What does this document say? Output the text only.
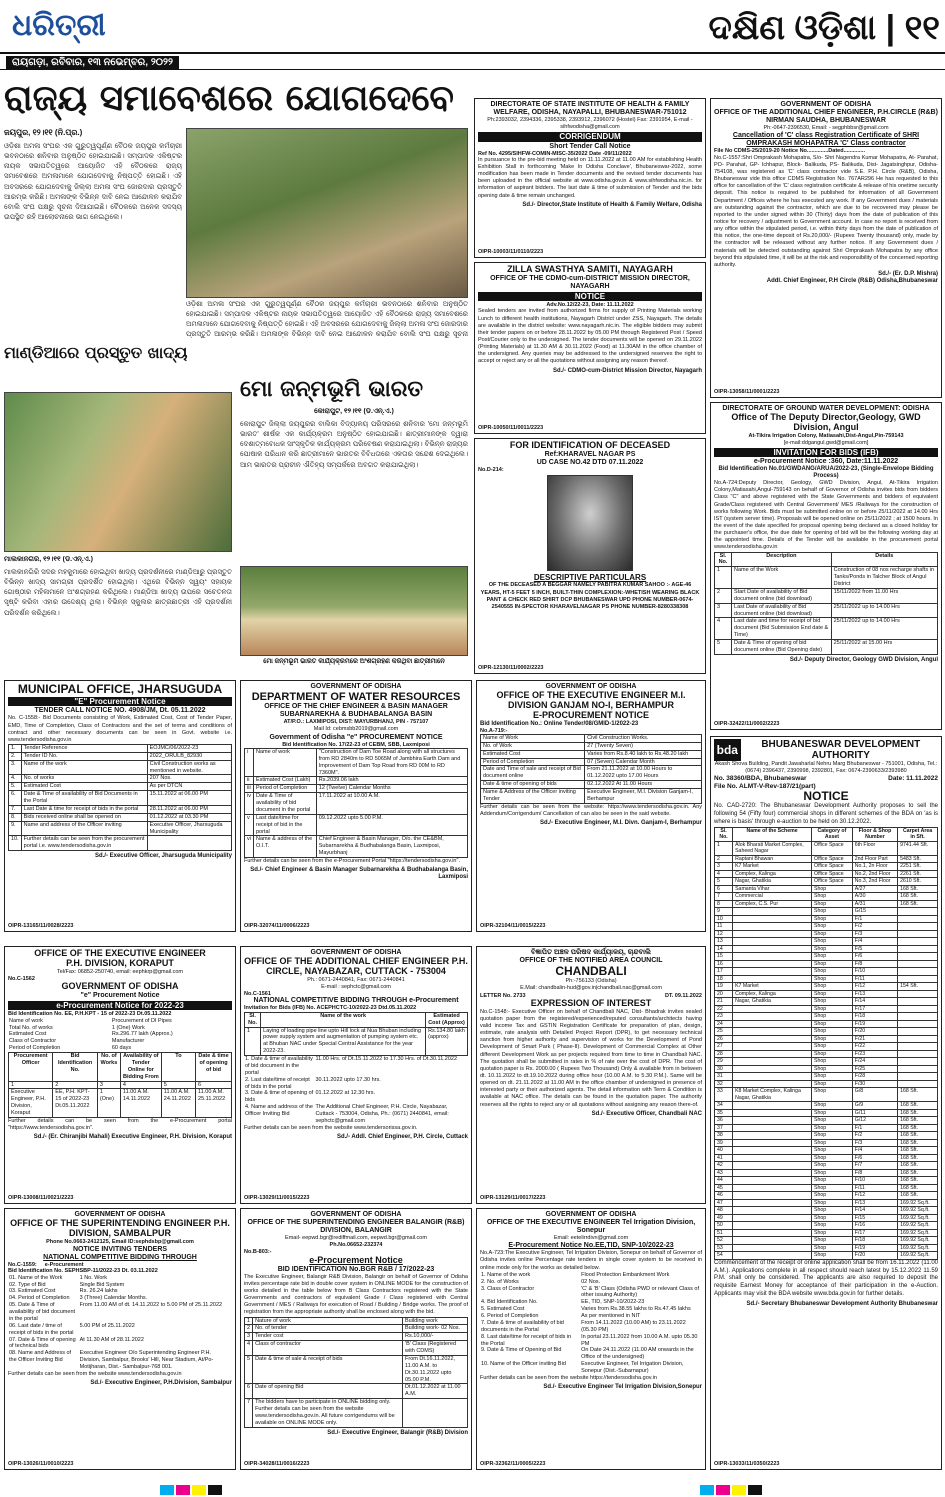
ଧରିତ୍ରୀ	ଦକ୍ଷିଣ ଓଡ଼ିଶା | ୧୧
ରାୟଗଡ଼ା, ରବିବାର, ୧୩ ନଭେମ୍ବର, ୨୦୨୨
ରାଜ୍ୟ ସମାବେଶରେ ଯୋଗଦେବେ
ଜୟପୁର, ୧୨।୧୧ (ନି.ପ୍ର.)
ଓଡ଼ିଶା ଅମଳା ସଂଘର ଏକ ଗୁରୁତ୍ୱପୂର୍ଣ୍ଣ ବୈଠକ ଜୟପୁର କର୍ମଚାରୀ ଭବନଠାରେ ଶନିବାର ଅନୁଷ୍ଠିତ ହୋଇଯାଇଛି। ସମ୍ପାଦକ ଏକିଷ୍ଟର ନାୟକ ସଭାପତିତ୍ୱରେ ଆୟୋଜିତ ଏହି ବୈଠକରେ ରାଜ୍ୟ ସମାବେଶରେ ଅମଳାମାନେ ଯୋଗଦେବାକୁ ନିଷ୍ପତ୍ତି ହୋଇଛି। ଏହି ଅବସରରେ ଯୋଗଦେବାକୁ ଜିଲ୍ଲା ଅମଳା ସଂଘ ଜୋରଦାର ପ୍ରସ୍ତୁତି ଆରମ୍ଭ କରିଛି। ଅମଳାଙ୍କ ବିଭିନ୍ନ ଦାବି ନେଇ ଆନ୍ଦୋଳନ କରାଯିବ ବୋଲି ସଂଘ ପକ୍ଷରୁ ସୂଚନା ଦିଆଯାଇଛି। ବୈଠକରେ ଅନେକ ସଦସ୍ୟ ଉପସ୍ଥିତ ରହି ଆଲୋଚନାରେ ଭାଗ ନେଇଥିଲେ।
ଓଡ଼ିଶା ଅମଳା ସଂଘର ଏକ ଗୁରୁତ୍ୱପୂର୍ଣ୍ଣ ବୈଠକ ଜୟପୁର କର୍ମଚାରୀ ଭବନଠାରେ ଶନିବାର ଅନୁଷ୍ଠିତ ହୋଇଯାଇଛି। ସମ୍ପାଦକ ଏକିଷ୍ଟର ନାୟକ ସଭାପତିତ୍ୱରେ ଆୟୋଜିତ ଏହି ବୈଠକରେ ରାଜ୍ୟ ସମାବେଶରେ ଅମଳାମାନେ ଯୋଗଦେବାକୁ ନିଷ୍ପତ୍ତି ହୋଇଛି। ଏହି ଅବସରରେ ଯୋଗଦେବାକୁ ଜିଲ୍ଲା ଅମଳା ସଂଘ ଜୋରଦାର ପ୍ରସ୍ତୁତି ଆରମ୍ଭ କରିଛି। ଅମଳାଙ୍କ ବିଭିନ୍ନ ଦାବି ନେଇ ଆନ୍ଦୋଳନ କରାଯିବ ବୋଲି ସଂଘ ପକ୍ଷରୁ ସୂଚନା
ମାଣ୍ଡିଆରେ ପ୍ରସ୍ତୁତ ଖାଦ୍ୟ
ମାଲକାନଗିରି, ୧୨।୧୧ (ଡି.ଏନ୍.ଏ.)
ମାଲକାନଗିରି ସଦର ମହକୁମାରେ ହୋଇଥିବା ଖାଦ୍ୟ ପ୍ରଦର୍ଶନୀରେ ମାଣ୍ଡିଆରୁ ପ୍ରସ୍ତୁତ ବିଭିନ୍ନ ଖାଦ୍ୟ ସାମଗ୍ରୀ ପ୍ରଦର୍ଶିତ ହୋଇଥିଲା। ଏଥିରେ ବିଭିନ୍ନ ସ୍ୱୟଂ ସହାୟକ ଗୋଷ୍ଠୀର ମହିଳାମାନେ ଅଂଶଗ୍ରହଣ କରିଥିଲେ। ମାଣ୍ଡିଆ ଖାଦ୍ୟ ଉପରେ ସଚେତନତା ସୃଷ୍ଟି କରିବା ଏହାର ଉଦ୍ଦେଶ୍ୟ ଥିଲା। ବିଭିନ୍ନ ସ୍କୁଲର ଛାତ୍ରଛାତ୍ରୀ ଏହି ପ୍ରଦର୍ଶନୀ ପରିଦର୍ଶନ କରିଥିଲେ।
ମୋ ଜନ୍ମଭୂମି ଭାରତ
କୋରାପୁଟ, ୧୨।୧୧ (ଡି.ଏନ୍.ଏ.)
କୋରାପୁଟ ଜିଲ୍ଲା ଜୟପୁରର ବାଲିକା ବିଦ୍ୟାଳୟ ପରିସରରେ ଶନିବାର 'ମୋ ଜନ୍ମଭୂମି ଭାରତ' ଶୀର୍ଷକ ଏକ କାର୍ଯ୍ୟକ୍ରମ ଅନୁଷ୍ଠିତ ହୋଇଯାଇଛି। ଛାତ୍ରୀମାନଙ୍କ ଦ୍ୱାରା ଦେଶାତ୍ମବୋଧକ ସାଂସ୍କୃତିକ କାର୍ଯ୍ୟକ୍ରମ ପରିବେଷଣ କରାଯାଇଥିଲା। ବିଭିନ୍ନ ରାଜ୍ୟର ପୋଷାକ ପରିଧାନ କରି ଛାତ୍ରୀମାନେ ଭାରତର ବିବିଧତାରେ ଏକତାର ସନ୍ଦେଶ ଦେଇଥିଲେ। ଆମ ଭାରତର ପ୍ରାଚୀନ ଐତିହ୍ୟ ସମ୍ପର୍କରେ ଅବଗତ କରାଯାଇଥିଲା।
ମୋ ଜନ୍ମଭୂମି ଭାରତ କାର୍ଯ୍ୟକ୍ରମରେ ଅଂଶଗ୍ରହଣ କରିଥିବା ଛାତ୍ରୀମାନେ
DIRECTORATE OF STATE INSTITUTE OF HEALTH & FAMILY WELFARE, ODISHA, NAYAPALLI, BHUBANESWAR-751012

Ph:2393032, 2394336, 2395338, 2393912, 2396072 (Hostel) Fax: 2391954, E-mail -sihfwodisha@gmail.com

CORRIGENDUM
Short Tender Call Notice
Ref No. 4295/SIHFW-COMIN-MISC-35/2022 Date -09/11/2022

In pursuance to the pre-bid meeting held on 11.11.2022 at 11.00 AM for establishing Health Exhibition Stall in forthcoming 'Make In Odisha Conclave', Bhubaneswar-2022, some modification has been made in Tender documents and the revised tender documents has been uploaded in the official website at www.odisha.gov.in & www.sihfwodisha.nic.in. for information of aspirant bidders. The last date & time of submission of Tender and the bids opening date & time remain unchanged.

Sd./- Director,State Institute of Health & Family Welfare, Odisha
OIPR-10003/11/0110/2223
ZILLA SWASTHYA SAMITI, NAYAGARH
OFFICE OF THE CDMO-cum-DISTRICT MISSION DIRECTOR, NAYAGARH
NOTICE
Adv.No.12/22-23, Date: 11.11.2022

Sealed tenders are invited from authorized firms for supply of Printing Materials working Lunch to different health institutions, Nayagarh District under ZSS, Nayagarh. The details are available in the district website: www.nayagarh.nic.in. The eligible bidders may submit their tender papers on or before 28.11.2022 by 05.00 PM through Registered Post / Speed Post/Courier only to the undersigned. The tender documents will be opened on 29.11.2022 (Printing Materials) at 11.30 AM & 30.11.2022 (Food) at 11.30AM in the office chamber of the undersigned. Any queries may be addressed to the undersigned reserves the right to accept or reject any or all the quotations without assigning any reason thereof.

Sd./- CDMO-cum-District Mission Director, Nayagarh
OIPR-10050/11/0011/2223
FOR IDENTIFICATION OF DECEASED
Ref:KHARAVEL NAGAR PS
UD CASE NO.42 DTD 07.11.2022
No.D-214:
DESCRIPTIVE PARTICULARS

OF THE DECEASED A BEGGAR NAMELY PABITRA KUMAR SAHOO :- AGE-46 YEARS, HT-5 FEET 5 INCH, BUILT-THIN COMPLEXION:-WHETISH WEARING BLACK PANT & CHECK RED SHIRT DCP BHUBANESWAR UPD PHONE NUMBER-0674-2540555 IN-SPECTOR KHARAVELNAGAR PS PHONE NUMBER-8280338308

OIPR-12130/11/0002/2223
GOVERNMENT OF ODISHA
OFFICE OF THE ADDITIONAL CHIEF ENGINEER, P.H.CIRCLE (R&B) NIRMAN SAUDHA, BHUBANESWAR

Ph:-0647-2396530, Email: - segphbbsr@gmail.com

Cancellation of 'C' class Registration Certificate of SHRI OMPRAKASH MOHAPATRA 'C' Class contractor
File No CDMS-25/2019-20 Notice No..............Dated..............

No.C-1557:Shri Omprakash Mohapatra, S/o- Shri Nagendra Kumar Mohapatra, At- Parahat, PO- Parahat, GP- Ichhapur, Block- Balikuda, PS- Balikuda, Dist- Jagatsinghpur, Odisha- 754108, was registered as 'C' class contractor vide S.E. P.H. Circle (R&B), Odisha, Bhubaneswar vide this office CDMS Registration No. 767AR296 He has requested to this office for cancellation of the 'C' class registration certificate & release of his onetime security deposit. This notice is required to be published for information of all Government Department / Offices where he has executed any work. If any Government dues / materials are outstanding against the contractor, which are due to be recovered may please be reported to the under signed within 30 (Thirty) days from the date of publication of this notice for recovery / adjustment to Government account. In case no report is received from any office within the stipulated period, i.e. within thirty days from the date of publication of this notice, the one-time deposit of Rs.20,000/- (Rupees Twenty thousand) only, made by the contractor will be released without any further notice. If any Government dues / materials will be detected outstanding against Shri Omprakash Mohapatra by any office beyond this stipulated time, it will be at the risk and responsibility of the concerned reporting authority.

Sd./- (Er. D.P. Mishra)
Addl. Chief Engineer, P.H Circle (R&B) Odisha,Bhubaneswar
OIPR-13058/11/0001/2223
DIRECTORATE OF GROUND WATER DEVELOPMENT: ODISHA
Office of The Deputy Director,Geology, GWD Division, Angul

At-Tikira Irrigation Colony, Matiasahi,Dist-Angul,Pin-759143

[e-mail:ddgangul.gwd@gmail.com]

INVITATION FOR BIDS (IFB)
e-Procurement Notice :360, Date:11.11.2022
Bid Identification No.01/GWDANG/ARUA/2022-23, (Single-Envelope Bidding Process)

No.A-724:Deputy Director, Geology, GWD Division, Angul, At-Tikira Irrigation Colony,Matiasahi,Angul-759143 on behalf of Governor of Odisha invites bids from bidders Class "C" and above registered with the State Governments and bidders of equivalent Grade/Class registered with Central Government/ MES /Railways for the construction of works following Work. Bids must be submitted online on or before 25/11/2022 at 14.00 Hrs IST (system server time). Proposals will be opened online on 25/11/2022 ; at 1500 hours. In the event of the date specified for proposal opening being declared as a closed holiday for the purchaser's office, the due date for opening of bid will be the following working day at the appointed time. Details of the Tender will be available in the procurement portal www.tendersodisha.gov.in

Sl. No.	Description	Details
1	Name of the Work	Construction of 08 nos recharge shafts in Tanks/Ponds in Talcher Block of Angul District
2	Start Date of availability of Bid document online (bid download)	15/11/2022 from 11.00 Hrs
3	Last Date of availability of Bid document online (bid download)	25/11/2022 up to 14.00 Hrs
4	Last date and time for receipt of bid document (Bid Submission End date & Time)	25/11/2022 up to 14.00 Hrs
5	Date & Time of opening of bid document online (Bid Opening date)	25/11/2022 at 15.00 Hrs
Sd./- Deputy Director, Geology GWD Division, Angul
OIPR-32422/11/0002/2223
MUNICIPAL OFFICE, JHARSUGUDA
"E" Procurement Notice
TENDER CALL NOTICE NO. 4908/JM, Dt. 05.11.2022

No. C-1558:- Bid Documents consisting of Work, Estimated Cost, Cost of Tender Paper, EMD, Time of Completion, Class of Contractors and the set of terms and conditions of contract and other necessary documents can be seen in Govt. website i.e. www.tendersodisha.gov.in

1.	Tender Reference	EOJMC/06/2022-23
2.	Tender ID No.	2022_ORULB_82930
3.	Name of the work	Civil Construction works as mentioned in website.
4.	No. of works	207 Nos.
5.	Estimated Cost	As per DTCN
6.	Date & Time of availability of Bid Documents in the Portal	15.11.2022 at 06.00 PM
7.	Last Date & time for receipt of bids in the portal	28.11.2022 at 06.00 PM
8.	Bids received online shall be opened on	01.12.2022 at 03.30 PM
9.	Name and address of the Officer inviting	Executive Officer, Jharsuguda Municipality
10.	Further details can be seen from the procurement portal i.e. www.tendersodisha.gov.in	
Sd./- Executive Officer, Jharsuguda Municipality
OIPR-13165/11/0028/2223
GOVERNMENT OF ODISHA
DEPARTMENT OF WATER RESOURCES
OFFICE OF THE CHIEF ENGINEER & BASIN MANAGER SUBARNAREKHA & BUDHABALANGA BASIN

AT/P.O.: LAXMIPOSI, DIST: MAYURBHANJ, PIN - 757107

Mail Id: cebmsbb2019@gmail.com

Government of Odisha "e" PROCUREMENT NOTICE
Bid Identification No. 17/22-23 of CEBM, SBB, Laxmiposi
i	Name of work	"Construction of Dam Toe Road along with all structures from RD 2840m to RD 5065M of Jambhira Earth Dam and Improvement of Dam Top Road from RD 00M to RD 7360M".
ii	Estimated Cost (Lakh)	Rs.2039.06 lakh
iii	Period of Completion	12 (Twelve) Calendar Months
iv	Date & Time of availability of bid document in the portal	17.11.2022 at 10.00 A.M.
v	Last date/time for receipt of bid in the portal	09.12.2022 upto 5.00 P.M.
vi	Name & address of the O.I.T.	Chief Engineer & Basin Manager, O/o. the CE&BM, Subarnarekha & Budhabalanga Basin, Laxmiposi, Mayurbhanj

Further details can be seen from the e-Procurement Portal "https://tendersodisha.gov.in".

Sd./- Chief Engineer & Basin Manager Subarnarekha & Budhabalanga Basin, Laxmiposi
OIPR-32074/11/0006/2223
GOVERNMENT OF ODISHA
OFFICE OF THE EXECUTIVE ENGINEER M.I. DIVISION GANJAM NO-I, BERHAMPUR
E-PROCUREMENT NOTICE
Bid Identification No.: Online Tender/08/GMID-1/2022-23
No.A-719:-
Name of Work	Civil Construction Works.
No. of Work	27 (Twenty Seven)
Estimated Cost	Varies from Rs.8.40 lakh to Rs.48.20 lakh
Period of Completion	07 (Seven) Calendar Month
Date and Time of sale and receipt of Bid document online	From 21.11.2022 at 10.00 Hours to 01.12.2022 upto 17.00 Hours
Date & time of opening of bids	02.12.2022 At 11.00 Hours
Name & Address of the Officer inviting Tender	Executive Engineer, M.I. Division Ganjam-I, Berhampur

Further details can be seen from the website: https://www.tendersodisha.gov.in. Any Addendum/Corrigendum/ Cancellation of can also be seen in the said website.

Sd./- Executive Engineer, M.I. Divn. Ganjam-I, Berhampur
OIPR-32104/11/0015/2223
bda	BHUBANESWAR DEVELOPMENT AUTHORITY

Akash Shova Building, Pandit Jawaharlal Nehru Marg Bhubaneswar - 751001, Odisha, Tel.: (0674) 2396437, 2390998, 2392801, Fax: 0674-2390633/2393980

No. 38360/BDA, Bhubaneswar	Date: 11.11.2022
File No. ALMT-V-Rev-187/21(part)
NOTICE

No. CAD-2720: The Bhubaneswar Development Authority proposes to sell the following 54 (Fifty four) commercial shops in different schemes of the BDA on 'as is where is basis' through e-auction to be held on 30.12.2022.

Sl. No.	Name of the Scheme	Category of Asset	Floor & Shop Number	Carpet Area in Sft.
1	Alok Bharati Market Complex, Saheed Nagar	Office Space	6th Floor	9741.44 Sft.
2	Raptani Bhawan	Office Space	2nd Floor Part	5483 Sft.
3	K7 Market	Office Space	No.1, 2n Floor	2251 Sft.
4	Complex, Kalinga	Office Space	No.2, 2nd Floor	2261 Sft.
5	Nagar, Ghatikia	Office Space	No.3, 2nd Floor	2610 Sft.
6	Samanta Vihar	Shop	A/27	168 Sft.
7	Commercial	Shop	A/30	168 Sft.
8	Complex, C.S. Pur	Shop	A/31	168 Sft.
9		Shop	G/15	
10		Shop	F/1	
11		Shop	F/2	
12		Shop	F/3	
13		Shop	F/4	
14		Shop	F/5	
15		Shop	F/6	
16		Shop	F/8	
17		Shop	F/10	
18		Shop	F/11	
19	K7 Market	Shop	F/12	154 Sft.
20	Complex, Kalinga	Shop	F/13	
21	Nagar, Ghatikia	Shop	F/14	
22		Shop	F/17	
23		Shop	F/18	
24		Shop	F/19	
25		Shop	F/20	
26		Shop	F/21	
27		Shop	F/22	
28		Shop	F/23	
29		Shop	F/24	
30		Shop	F/25	
31		Shop	F/28	
32		Shop	F/30	
33	K8 Market Complex, Kalinga Nagar, Ghatikia	Shop	G/8	168 Sft.
34		Shop	G/9	168 Sft.
35		Shop	G/11	168 Sft.
36		Shop	G/12	168 Sft.
37		Shop	F/1	168 Sft.
38		Shop	F/2	168 Sft.
39		Shop	F/3	168 Sft.
40		Shop	F/4	168 Sft.
41		Shop	F/6	168 Sft.
42		Shop	F/7	168 Sft.
43		Shop	F/8	168 Sft.
44		Shop	F/10	168 Sft.
45		Shop	F/11	168 Sft.
46		Shop	F/12	168 Sft.
47		Shop	F/13	169.92 Sq.ft.
48		Shop	F/14	169.92 Sq.ft.
49		Shop	F/15	169.92 Sq.ft.
50		Shop	F/16	169.92 Sq.ft.
51		Shop	F/17	169.92 Sq.ft.
52		Shop	F/18	169.92 Sq.ft.
53		Shop	F/19	169.92 Sq.ft.
54		Shop	F/20	169.92 Sq.ft.

Commencement of the receipt of online application shall be from 16.11.2022 (11.00 A.M.). Applications complete in all respect should reach latest by 15.12.2022 11.59 P.M. shall only be considered. The applicants are also required to deposit the requisite Earnest Money for acceptance of their participation in the e-Auction. Applicants may visit the BDA website www.bda.gov.in for further details.

Sd./- Secretary Bhubaneswar Development Authority Bhubaneswar
OIPR-13033/11/0350/2223
OFFICE OF THE EXECUTIVE ENGINEER
P.H. DIVISION, KORAPUT

Tel/Fax: 06852-250740, email: eephkrp@gmail.com

No.C-1562
GOVERNMENT OF ODISHA
"e" Procurement Notice
e-Procurement Notice for 2022-23
Bid Identification No. EE, P.H.KPT - 15 of 2022-23 Dt.05.11.2022
Name of work	Procurement of DI Pipes
Total No. of works	1 (One) Work
Estimated Cost	Rs.296.77 lakh (Approx.)
Class of Contractor	Manufacturer
Period of Completion	60 days
Procurement Officer	Bid Identification No.	No. of Works	Availability of Tender Online for Bidding From	To	Date & time of opening of bid
1	2	3	4	5	6
Executive Engineer, P.H. Division, Koraput	EE, P.H. KPT-15 of 2022-23 Dt.05.11.2022	1 (One)	11.00 A.M. 14.11.2022	11.00 A.M. 24.11.2022	11.00 A.M. 25.11.2022

Further details can be seen from the e-Procurement portal "https://www.tendersodisha.gov.in".

Sd./- (Er. Chiranjibi Mahali) Executive Engineer, P.H. Division, Koraput
OIPR-13008/11/0021/2223
GOVERNMENT OF ODISHA
OFFICE OF THE ADDITIONAL CHIEF ENGINEER P.H. CIRCLE, NAYABAZAR, CUTTACK - 753004

Ph.: 0671-2440841, Fax: 0671-2440841

E-mail : sephctc@gmail.com

No.C-1561
NATIONAL COMPETITIVE BIDDING THROUGH e-Procurement
Invitation for Bids (IFB) No. ACEPHCTC-10/2022-23 Dtd.05.11.2022
Sl. No.	Name of the work	Estimated Cost (Approx)
1	Laying of loading pipe line upto Hill lock at Nua Bhuban including power supply system and augmentation of pumping system etc. at Bhuban NAC under Special Central Assistance for the year 2022-23.	Rs.134.80 lakh (approx)
1. Date & time of availability of bid document in the portal	11.00 Hrs. of Dt.15.11.2022 to 17.30 Hrs. of Dt.30.11.2022
2. Last date/time of receipt of bids in the portal	30.11.2022 upto 17.30 hrs.
3. Date & time of opening of bids	01.12.2022 at 12.30 hrs.
4. Name and address of the Officer Inviting Bid	The Additional Chief Engineer, P.H. Circle, Nayabazar, Cuttack - 753004, Odisha, Ph.: (0671) 2440841, email: sephctc@gmail.com

Further details can be seen from the website www.tendersorissa.gov.in.

Sd./- Addl. Chief Engineer, P.H. Circle, Cuttack
OIPR-13029/11/0015/2223
ବିଜ୍ଞାପିତ ଅଞ୍ଚଳ ପରିଷଦ କାର୍ଯ୍ୟାଳୟ, ଚାନ୍ଦବାଲି
OFFICE OF THE NOTIFIED AREA COUNCIL
CHANDBALI

Ph:-756133 (Odisha)

E.Mail: chandbalin-hud@gov.in|chandbali.nac@gmail.com

LETTER No. 2733	DT. 09.11.2022
EXPRESSION OF INTEREST

No.C-1548:- Executive Officer on behalf of Chandbali NAC, Dist- Bhadrak invites sealed quotation paper from the registered/experienced/reputed consultants/architects having valid income Tax and GSTIN Registration Certificate for preparation of plan, design, estimate, rate analysis with Detailed Project Report (DPR), to get necessary technical sanction from higher authority and supervision of works for the Development of Pond Development of Smart Park ( Phase-II). Development of Commercial Complex at Other different Development Work as per projects required from time to time in Chandbali NAC. The quotation shall be submitted in rates in % of rate over the cost of DPR. The cost of quotation paper is Rs. 2000.00 ( Rupees Two Thousand) Only & available from in between dt. 10.11.2022 to dt.19.10.2022 during office hour (10.00 A.M. to 5.30 P.M.). Same will be opened on dt. 21.11.2022 at 11.00 AM in the office chamber of undersigned in presence of interested party or their authorized agents. The detail information with Term & Condition is available at NAC office. The details can be found in the quotation paper. The authority reserves all the rights to reject any or all quotations without assigning any reason there-of.

Sd./- Executive Officer, Chandbali NAC
OIPR-13129/11/0017/2223
GOVERNMENT OF ODISHA
OFFICE OF THE SUPERINTENDING ENGINEER P.H. DIVISION, SAMBALPUR

Phone No.0663-2412125, Email ID:sephdsbp@gmail.com

NOTICE INVITING TENDERS
NATIONAL COMPETITIVE BIDDING THROUGH
No.C-1559: e-Procurement
Bid Identification No. SEPHSBP-11/2022-23 Dt. 03.11.2022
01. Name of the Work	1 No. Work
02. Type of Bid	Single Bid System
03. Estimated Cost	Rs. 26.24 lakhs
04. Period of Completion	3 (Three) Calendar Months.
05. Date & Time of availability of bid document in the portal	From 11.00 AM of dt. 14.11.2022 to 5.00 PM of 25.11.2022
06. Last date / time of receipt of bids in the portal	5.00 PM of 25.11.2022
07. Date & Time of opening of technical bids	At 11.30 AM of 28.11.2022
08. Name and Address of the Officer Inviting Bid	Executive Engineer O/o Superintending Engineer P.H. Division, Sambalpur, Brooks' Hill, Near Stadium, At/Po- Motijharan, Dist.- Sambalpur-768 001.

Further details can be seen from the website www.tendersodisha.gov.in

Sd./- Executive Engineer, P.H.Division, Sambalpur
OIPR-13026/11/0010/2223
GOVERNMENT OF ODISHA
OFFICE OF THE SUPERINTENDING ENGINEER BALANGIR (R&B) DIVISION, BALANGIR

Email- eepwd.bgr@rediffmail.com, eepwd.bgr@gmail.com

Ph.No.06652-232374

No.B-803:-
e-Procurement Notice
BID IDENTIFICATION No.BGR R&B / 17/2022-23

The Executive Engineer, Balangir R&B Division, Balangir on behalf of Governor of Odisha invites percentage rate bid in double cover system in ONLINE MODE for the construction of works detailed in the table below from B Class Contractors registered with the State Governments and contractors of equivalent Grade / Class registered with Central Government / MES / Railways for execution of Road / Building / Bridge works. The proof of registration from the appropriate authority shall be enclosed along with the bid.

1	Nature of work	Building work
2	No. of tender	Building work- 02 Nos.
3	Tender cost	Rs.10,000/-
4	Class of contractor	'B' Class (Registered with CDMS)
5	Date & time of sale & receipt of bids	From Dt.16.11.2022, 11.00 A.M. to Dt.30.11.2022 upto 05.00 P.M.
6	Date of opening Bid	Dt.01.12.2022 at 11.00 A.M.
7	The bidders have to participate in ONLINE bidding only. Further details can be seen from the website www.tendersodisha.gov.in. All future corrigendums will be available on ONLINE MODE only.	
Sd./- Executive Engineer, Balangir (R&B) Division
OIPR-34028/11/0016/2223
GOVERNMENT OF ODISHA
OFFICE OF THE EXECUTIVE ENGINEER Tel Irrigation Division, Sonepur

Email: eetelirrdivn@gmail.com

E-Procurement Notice No.EE,TID, SNP-10/2022-23

No.A-723:The Executive Engineer, Tel Irrigation Division, Sonepur on behalf of Governor of Odisha invites online Percentage rate tenders in single cover system to be received in online mode only for the works as detailed below.

1. Name of the work	Flood Protection Embankment Work
2. No. of Works	02 Nos.
3. Class of Contractor	'C' & 'B' Class (Odisha PWD or relevant Class of other issuing Authority)
4. Bid Identification No.	EE, TID, SNP-10/2022-23
5. Estimated Cost	Varies from Rs.38.55 lakhs to Rs.47.45 lakhs
6. Period of Completion	As per mentioned in NIT
7. Date & time of availability of bid documents in the Portal	From 14.11.2022 (10.00 AM) to 23.11.2022 (05.30 PM)
8. Last date/time for receipt of bids in the Portal	In portal 23.11.2022 from 10.00 A.M. upto 05.30 PM
9. Date & Time of Opening of Bid	On Date 24.11.2022 (11.00 AM onwards in the Office of the undersigned)
10. Name of the Officer inviting Bid	Executive Engineer, Tel Irrigation Division, Sonepur (Dist.-Subarnapur)

Further details can be seen from the website https://tendersodisha.gov.in

Sd./- Executive Engineer Tel Irrigation Division,Sonepur
OIPR-32362/11/0005/2223
